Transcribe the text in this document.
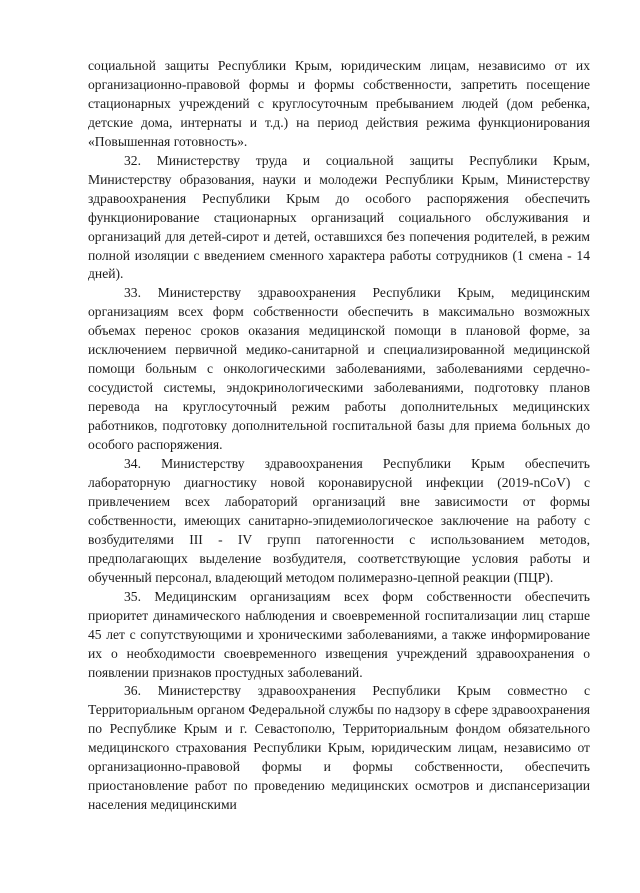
социальной защиты Республики Крым, юридическим лицам, независимо от их организационно-правовой формы и формы собственности, запретить посещение стационарных учреждений с круглосуточным пребыванием людей (дом ребенка, детские дома, интернаты и т.д.) на период действия режима функционирования «Повышенная готовность».

32. Министерству труда и социальной защиты Республики Крым, Министерству образования, науки и молодежи Республики Крым, Министерству здравоохранения Республики Крым до особого распоряжения обеспечить функционирование стационарных организаций социального обслуживания и организаций для детей-сирот и детей, оставшихся без попечения родителей, в режим полной изоляции с введением сменного характера работы сотрудников (1 смена - 14 дней).

33. Министерству здравоохранения Республики Крым, медицинским организациям всех форм собственности обеспечить в максимально возможных объемах перенос сроков оказания медицинской помощи в плановой форме, за исключением первичной медико-санитарной и специализированной медицинской помощи больным с онкологическими заболеваниями, заболеваниями сердечно-сосудистой системы, эндокринологическими заболеваниями, подготовку планов перевода на круглосуточный режим работы дополнительных медицинских работников, подготовку дополнительной госпитальной базы для приема больных до особого распоряжения.

34. Министерству здравоохранения Республики Крым обеспечить лабораторную диагностику новой коронавирусной инфекции (2019-nCoV) с привлечением всех лабораторий организаций вне зависимости от формы собственности, имеющих санитарно-эпидемиологическое заключение на работу с возбудителями III - IV групп патогенности с использованием методов, предполагающих выделение возбудителя, соответствующие условия работы и обученный персонал, владеющий методом полимеразно-цепной реакции (ПЦР).

35. Медицинским организациям всех форм собственности обеспечить приоритет динамического наблюдения и своевременной госпитализации лиц старше 45 лет с сопутствующими и хроническими заболеваниями, а также информирование их о необходимости своевременного извещения учреждений здравоохранения о появлении признаков простудных заболеваний.

36. Министерству здравоохранения Республики Крым совместно с Территориальным органом Федеральной службы по надзору в сфере здравоохранения по Республике Крым и г. Севастополю, Территориальным фондом обязательного медицинского страхования Республики Крым, юридическим лицам, независимо от организационно-правовой формы и формы собственности, обеспечить приостановление работ по проведению медицинских осмотров и диспансеризации населения медицинскими
